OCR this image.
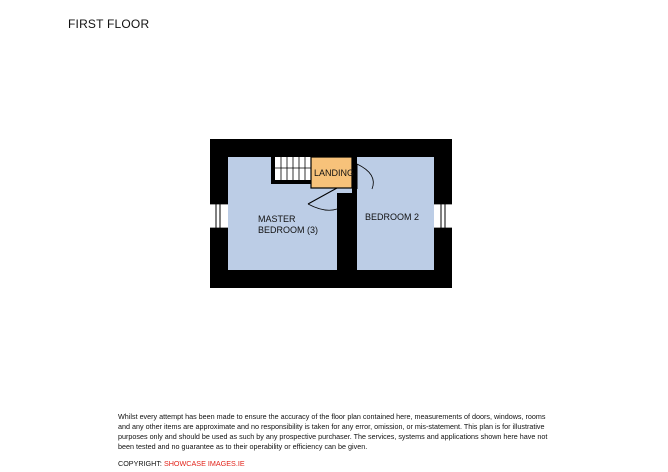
FIRST FLOOR
LANDING
MASTER
BEDROOM (3)
BEDROOM 2
Whilst every attempt has been made to ensure the accuracy of the floor plan contained here, measurements of doors, windows, rooms and any other items are approximate and no responsibility is taken for any error, omission, or mis-statement. This plan is for illustrative purposes only and should be used as such by any prospective purchaser. The services, systems and applications shown here have not been tested and no guarantee as to their operability or efficiency can be given.
COPYRIGHT: SHOWCASE IMAGES.IE
